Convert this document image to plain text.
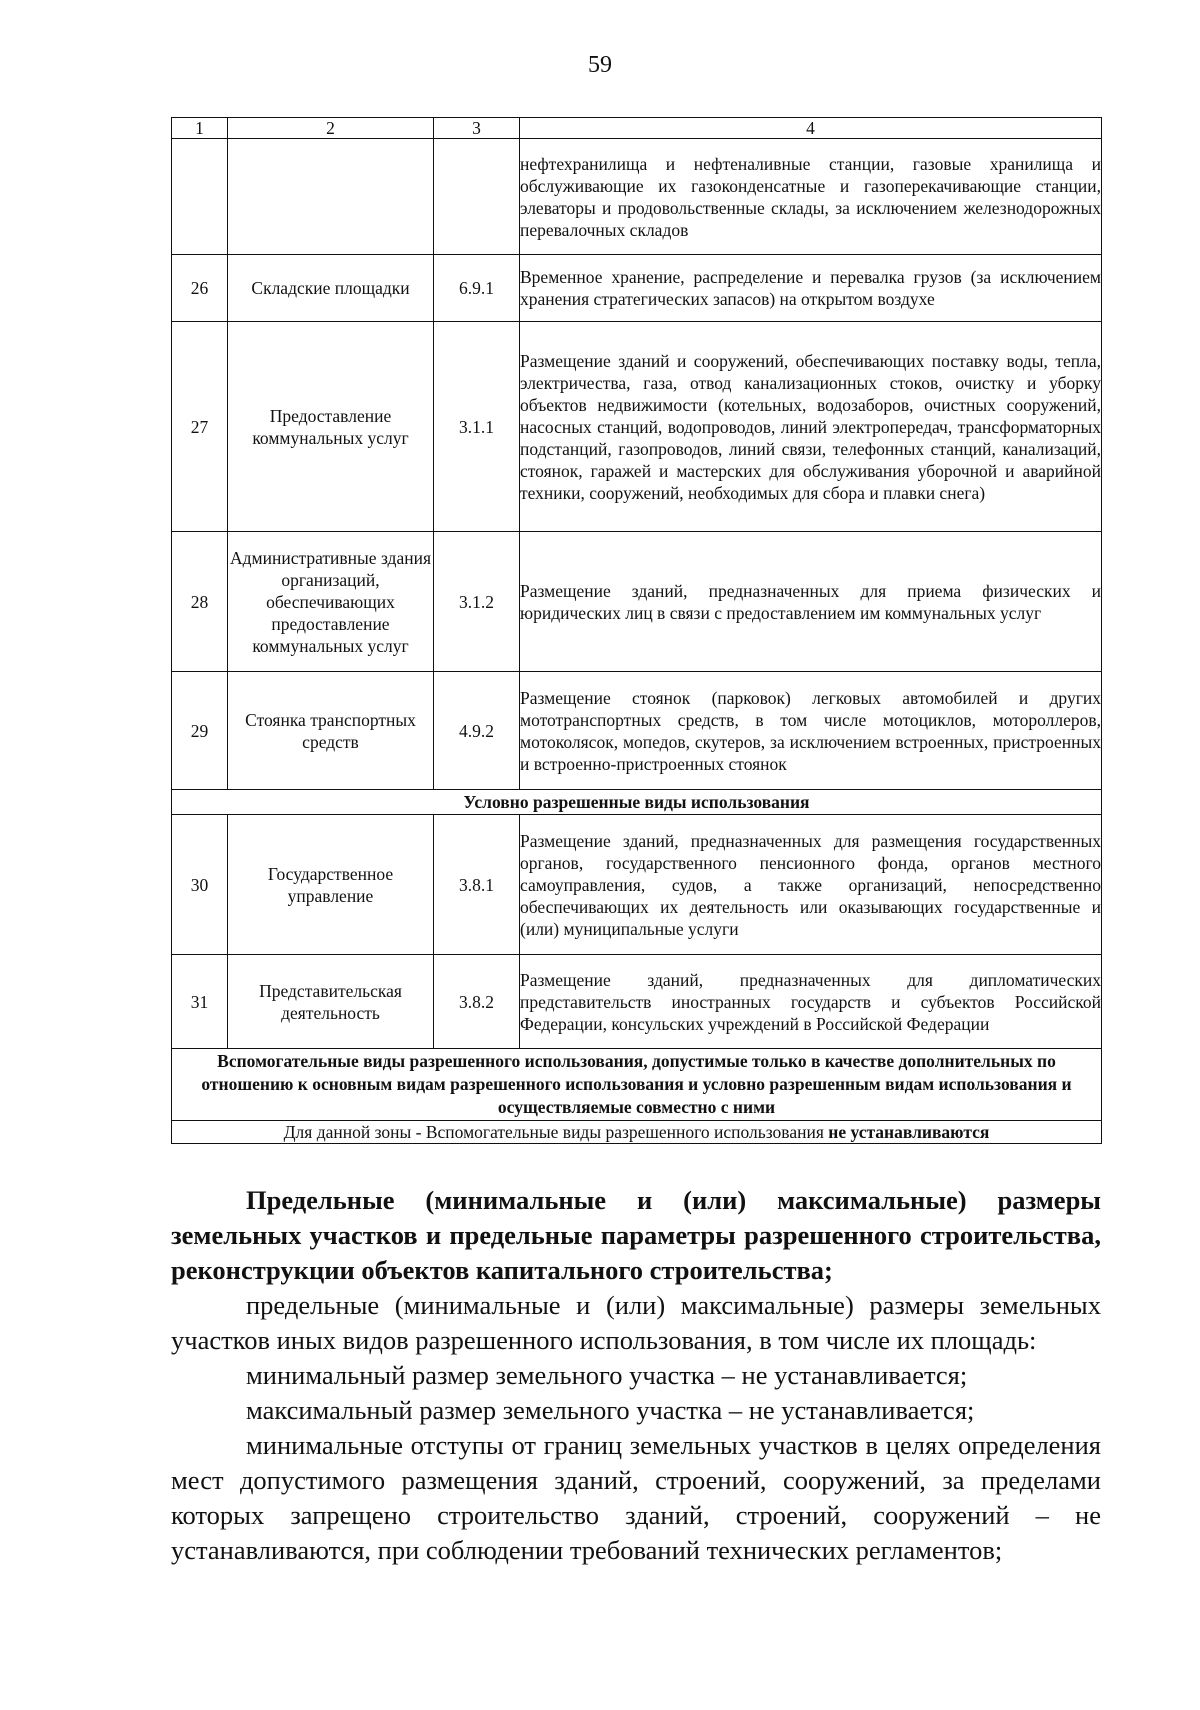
59
1	2	3	4
			нефтехранилища и нефтеналивные станции, газовые хранилища и обслуживающие их газоконденсатные и газоперекачивающие станции, элеваторы и продовольственные склады, за исключением железнодорожных перевалочных складов
26	Складские площадки	6.9.1	Временное хранение, распределение и перевалка грузов (за исключением хранения стратегических запасов) на открытом воздухе
27	Предоставление коммунальных услуг	3.1.1	Размещение зданий и сооружений, обеспечивающих поставку воды, тепла, электричества, газа, отвод канализационных стоков, очистку и уборку объектов недвижимости (котельных, водозаборов, очистных сооружений, насосных станций, водопроводов, линий электропередач, трансформаторных подстанций, газопроводов, линий связи, телефонных станций, канализаций, стоянок, гаражей и мастерских для обслуживания уборочной и аварийной техники, сооружений, необходимых для сбора и плавки снега)
28	Административные здания организаций, обеспечивающих предоставление коммунальных услуг	3.1.2	Размещение зданий, предназначенных для приема физических и юридических лиц в связи с предоставлением им коммунальных услуг
29	Стоянка транспортных средств	4.9.2	Размещение стоянок (парковок) легковых автомобилей и других мототранспортных средств, в том числе мотоциклов, мотороллеров, мотоколясок, мопедов, скутеров, за исключением встроенных, пристроенных и встроенно-пристроенных стоянок
Условно разрешенные виды использования			
30	Государственное управление	3.8.1	Размещение зданий, предназначенных для размещения государственных органов, государственного пенсионного фонда, органов местного самоуправления, судов, а также организаций, непосредственно обеспечивающих их деятельность или оказывающих государственные и (или) муниципальные услуги
31	Представительская деятельность	3.8.2	Размещение зданий, предназначенных для дипломатических представительств иностранных государств и субъектов Российской Федерации, консульских учреждений в Российской Федерации
Вспомогательные виды разрешенного использования, допустимые только в качестве дополнительных по отношению к основным видам разрешенного использования и условно разрешенным видам использования и осуществляемые совместно с ними			
Для данной зоны - Вспомогательные виды разрешенного использования не устанавливаются			

Предельные (минимальные и (или) максимальные) размеры земельных участков и предельные параметры разрешенного строительства, реконструкции объектов капитального строительства;

предельные (минимальные и (или) максимальные) размеры земельных участков иных видов разрешенного использования, в том числе их площадь:

минимальный размер земельного участка – не устанавливается;

максимальный размер земельного участка – не устанавливается;

минимальные отступы от границ земельных участков в целях определения мест допустимого размещения зданий, строений, сооружений, за пределами которых запрещено строительство зданий, строений, сооружений – не устанавливаются, при соблюдении требований технических регламентов;
